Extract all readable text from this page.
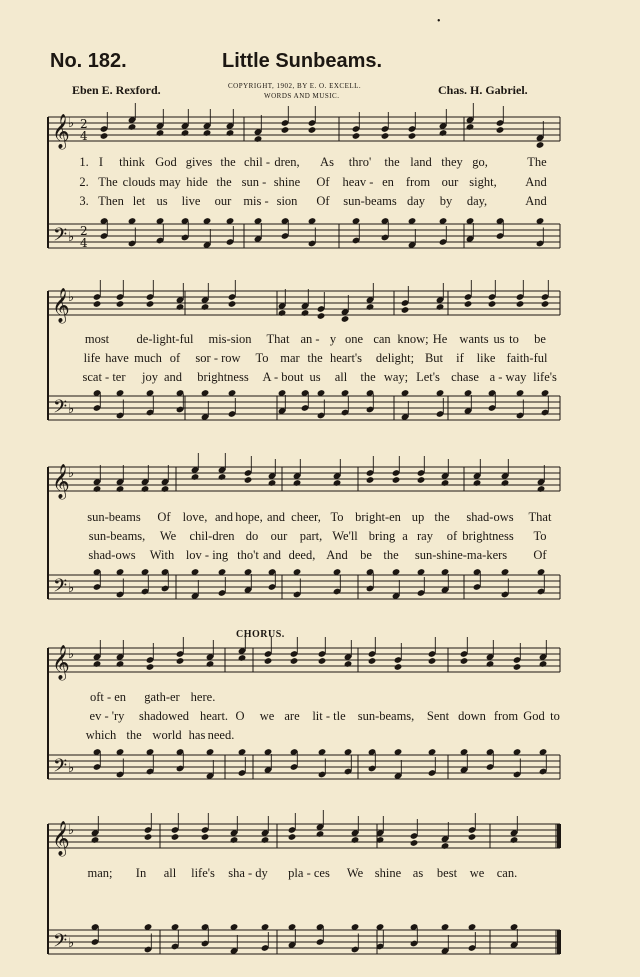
𝄞
𝄢
♭
♭
2
4
2
4
𝄞
𝄢
♭
♭
𝄞
𝄢
♭
♭
𝄞
𝄢
♭
♭
𝄞
𝄢
♭
♭
•
No. 182.	Little Sunbeams.
Eben E. Rexford.	COPYRIGHT, 1902, BY E. O. EXCELL.
WORDS AND MUSIC.	Chas. H. Gabriel.
CHORUS.
1. I think God gives the chil - dren, As thro' the land they go,	The
2. The clouds may hide the sun - shine Of heav - en from our sight, And
3. Then let us live our mis - sion Of sun-beams day by day,	And
most de-light-ful mis-sion That an - y one can know; He wants us to be
life have much of sor - row To mar the heart's delight; But if like faith-ful
scat - ter joy and brightness A - bout us all the way; Let's chase a - way life's
sun-beams Of love, and hope, and cheer, To bright-en up the shad-ows That
sun-beams, We chil-dren do our part, We'll bring a ray of brightness To
shad-ows With lov - ing tho't and deed, And be the sun-shine-ma-kers Of
oft - en gath-er here.
ev - 'ry shadowed heart. O we are lit - tle sun-beams, Sent down from God to
which the world has need.
man; In all life's sha - dy pla - ces We shine as best we can.
